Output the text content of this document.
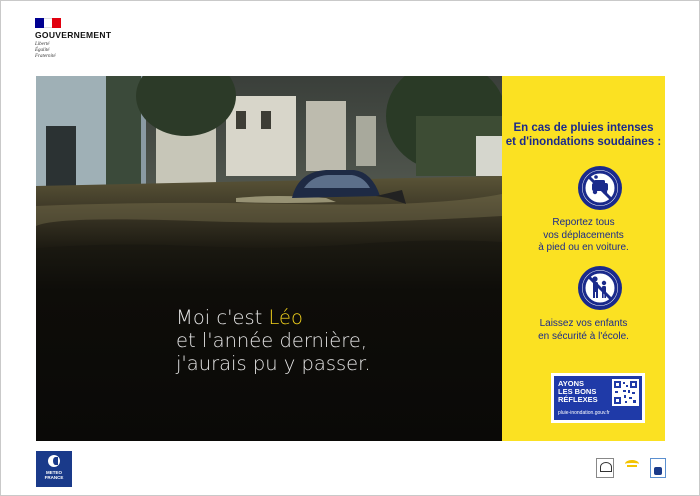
GOUVERNEMENT
Liberté
Égalité
Fraternité
Moi c'est Léo
et l'année dernière,
j'aurais pu y passer.
En cas de pluies intenses
et d'inondations soudaines :
Reportez tous
vos déplacements
à pied ou en voiture.
Laissez vos enfants
en sécurité à l'école.
AYONS
LES BONS
RÉFLEXES
pluie-inondation.gouv.fr
METEO
FRANCE
